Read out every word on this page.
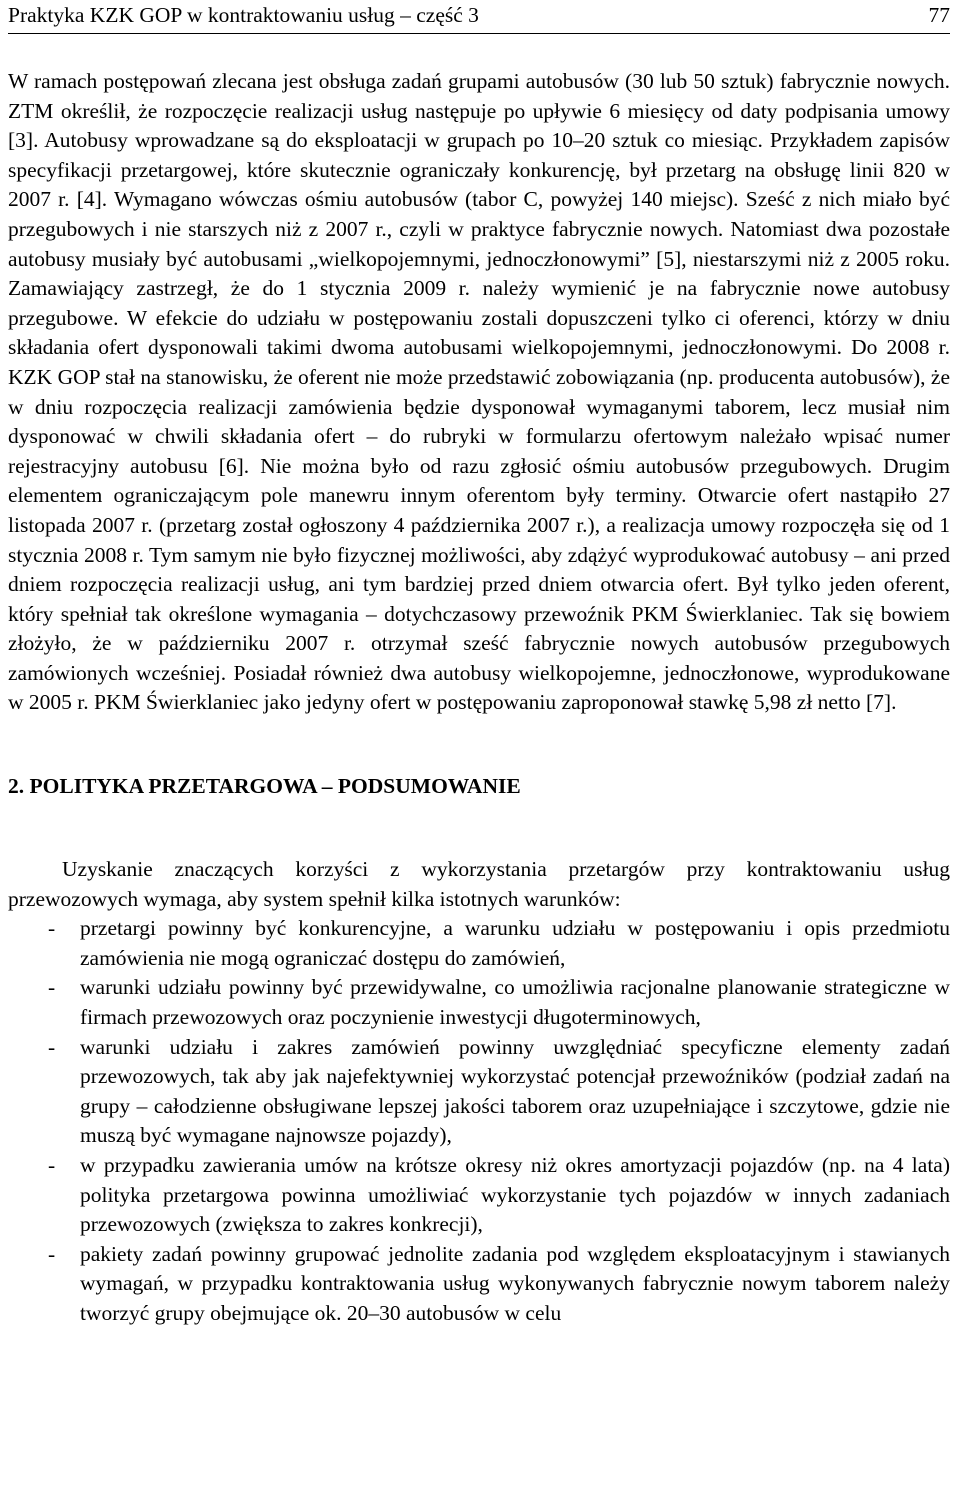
Praktyka KZK GOP w kontraktowaniu usług – część 3	77

W ramach postępowań zlecana jest obsługa zadań grupami autobusów (30 lub 50 sztuk) fabrycznie nowych. ZTM określił, że rozpoczęcie realizacji usług następuje po upływie 6 miesięcy od daty podpisania umowy [3]. Autobusy wprowadzane są do eksploatacji w grupach po 10–20 sztuk co miesiąc. Przykładem zapisów specyfikacji przetargowej, które skutecznie ograniczały konkurencję, był przetarg na obsługę linii 820 w 2007 r. [4]. Wymagano wówczas ośmiu autobusów (tabor C, powyżej 140 miejsc). Sześć z nich miało być przegubowych i nie starszych niż z 2007 r., czyli w praktyce fabrycznie nowych. Natomiast dwa pozostałe autobusy musiały być autobusami „wielkopojemnymi, jednoczłonowymi” [5], niestarszymi niż z 2005 roku. Zamawiający zastrzegł, że do 1 stycznia 2009 r. należy wymienić je na fabrycznie nowe autobusy przegubowe. W efekcie do udziału w postępowaniu zostali dopuszczeni tylko ci oferenci, którzy w dniu składania ofert dysponowali takimi dwoma autobusami wielkopojemnymi, jednoczłonowymi. Do 2008 r. KZK GOP stał na stanowisku, że oferent nie może przedstawić zobowiązania (np. producenta autobusów), że w dniu rozpoczęcia realizacji zamówienia będzie dysponował wymaganymi taborem, lecz musiał nim dysponować w chwili składania ofert – do rubryki w formularzu ofertowym należało wpisać numer rejestracyjny autobusu [6]. Nie można było od razu zgłosić ośmiu autobusów przegubowych. Drugim elementem ograniczającym pole manewru innym oferentom były terminy. Otwarcie ofert nastąpiło 27 listopada 2007 r. (przetarg został ogłoszony 4 października 2007 r.), a realizacja umowy rozpoczęła się od 1 stycznia 2008 r. Tym samym nie było fizycznej możliwości, aby zdążyć wyprodukować autobusy – ani przed dniem rozpoczęcia realizacji usług, ani tym bardziej przed dniem otwarcia ofert. Był tylko jeden oferent, który spełniał tak określone wymagania – dotychczasowy przewoźnik PKM Świerklaniec. Tak się bowiem złożyło, że w październiku 2007 r. otrzymał sześć fabrycznie nowych autobusów przegubowych zamówionych wcześniej. Posiadał również dwa autobusy wielkopojemne, jednoczłonowe, wyprodukowane w 2005 r. PKM Świerklaniec jako jedyny ofert w postępowaniu zaproponował stawkę 5,98 zł netto [7].

2. POLITYKA PRZETARGOWA – PODSUMOWANIE

Uzyskanie znaczących korzyści z wykorzystania przetargów przy kontraktowaniu usług przewozowych wymaga, aby system spełnił kilka istotnych warunków:

- przetargi powinny być konkurencyjne, a warunku udziału w postępowaniu i opis przedmiotu zamówienia nie mogą ograniczać dostępu do zamówień,
- warunki udziału powinny być przewidywalne, co umożliwia racjonalne planowanie strategiczne w firmach przewozowych oraz poczynienie inwestycji długoterminowych,
- warunki udziału i zakres zamówień powinny uwzględniać specyficzne elementy zadań przewozowych, tak aby jak najefektywniej wykorzystać potencjał przewoźników (podział zadań na grupy – całodzienne obsługiwane lepszej jakości taborem oraz uzupełniające i szczytowe, gdzie nie muszą być wymagane najnowsze pojazdy),
- w przypadku zawierania umów na krótsze okresy niż okres amortyzacji pojazdów (np. na 4 lata) polityka przetargowa powinna umożliwiać wykorzystanie tych pojazdów w innych zadaniach przewozowych (zwiększa to zakres konkrecji),
- pakiety zadań powinny grupować jednolite zadania pod względem eksploatacyjnym i stawianych wymagań, w przypadku kontraktowania usług wykonywanych fabrycznie nowym taborem należy tworzyć grupy obejmujące ok. 20–30 autobusów w celu
